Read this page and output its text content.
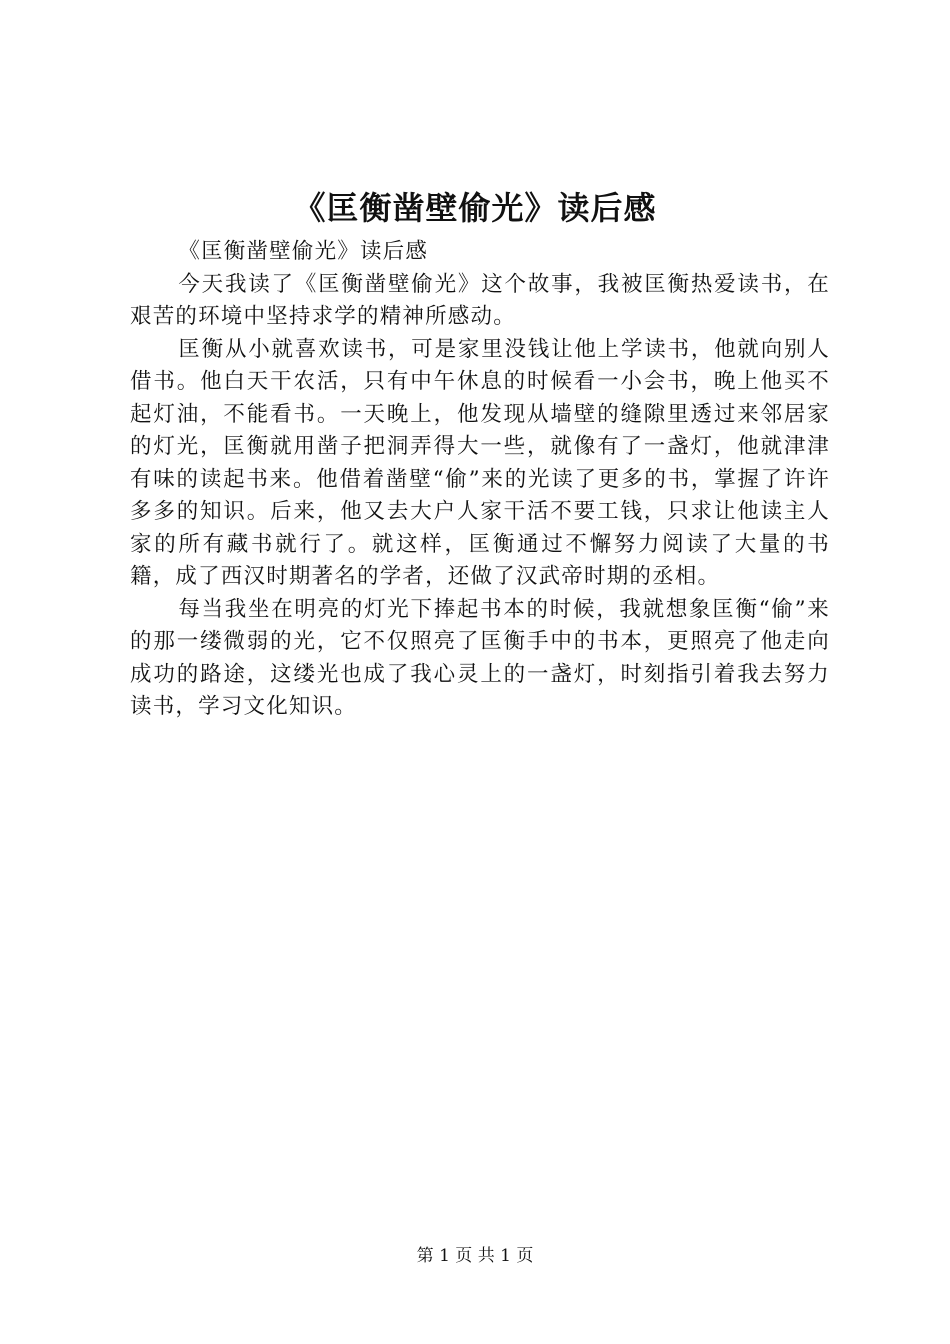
《匡衡凿壁偷光》读后感

《匡衡凿壁偷光》读后感

今天我读了《匡衡凿壁偷光》这个故事，我被匡衡热爱读书，在艰苦的环境中坚持求学的精神所感动。

匡衡从小就喜欢读书，可是家里没钱让他上学读书，他就向别人借书。他白天干农活，只有中午休息的时候看一小会书，晚上他买不起灯油，不能看书。一天晚上，他发现从墙壁的缝隙里透过来邻居家的灯光，匡衡就用凿子把洞弄得大一些，就像有了一盏灯，他就津津有味的读起书来。他借着凿壁“偷”来的光读了更多的书，掌握了许许多多的知识。后来，他又去大户人家干活不要工钱，只求让他读主人家的所有藏书就行了。就这样，匡衡通过不懈努力阅读了大量的书籍，成了西汉时期著名的学者，还做了汉武帝时期的丞相。

每当我坐在明亮的灯光下捧起书本的时候，我就想象匡衡“偷”来的那一缕微弱的光，它不仅照亮了匡衡手中的书本，更照亮了他走向成功的路途，这缕光也成了我心灵上的一盏灯，时刻指引着我去努力读书，学习文化知识。

第 1 页 共 1 页
